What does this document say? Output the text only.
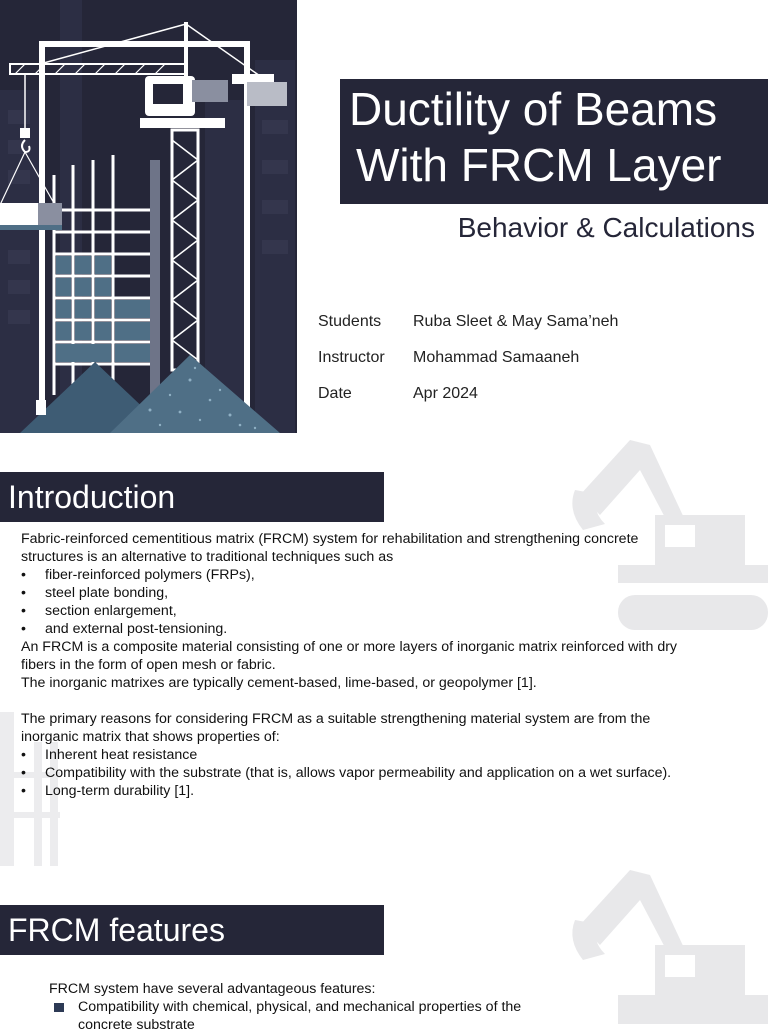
Ductility of Beams
With FRCM Layer
Behavior & Calculations
Students Ruba Sleet & May Sama’neh
Instructor Mohammad Samaaneh
Date	Apr 2024
Introduction

Fabric-reinforced cementitious matrix (FRCM) system for rehabilitation and strengthening concrete

structures is an alternative to traditional techniques such as

• fiber-reinforced polymers (FRPs),
• steel plate bonding,
• section enlargement,
• and external post-tensioning.

An FRCM is a composite material consisting of one or more layers of inorganic matrix reinforced with dry

fibers in the form of open mesh or fabric.

The inorganic matrixes are typically cement-based, lime-based, or geopolymer [1].

The primary reasons for considering FRCM as a suitable strengthening material system are from the

inorganic matrix that shows properties of:

• Inherent heat resistance
• Compatibility with the substrate (that is, allows vapor permeability and application on a wet surface).
• Long-term durability [1].
FRCM features

FRCM system have several advantageous features:

Compatibility with chemical, physical, and mechanical properties of the

concrete substrate
